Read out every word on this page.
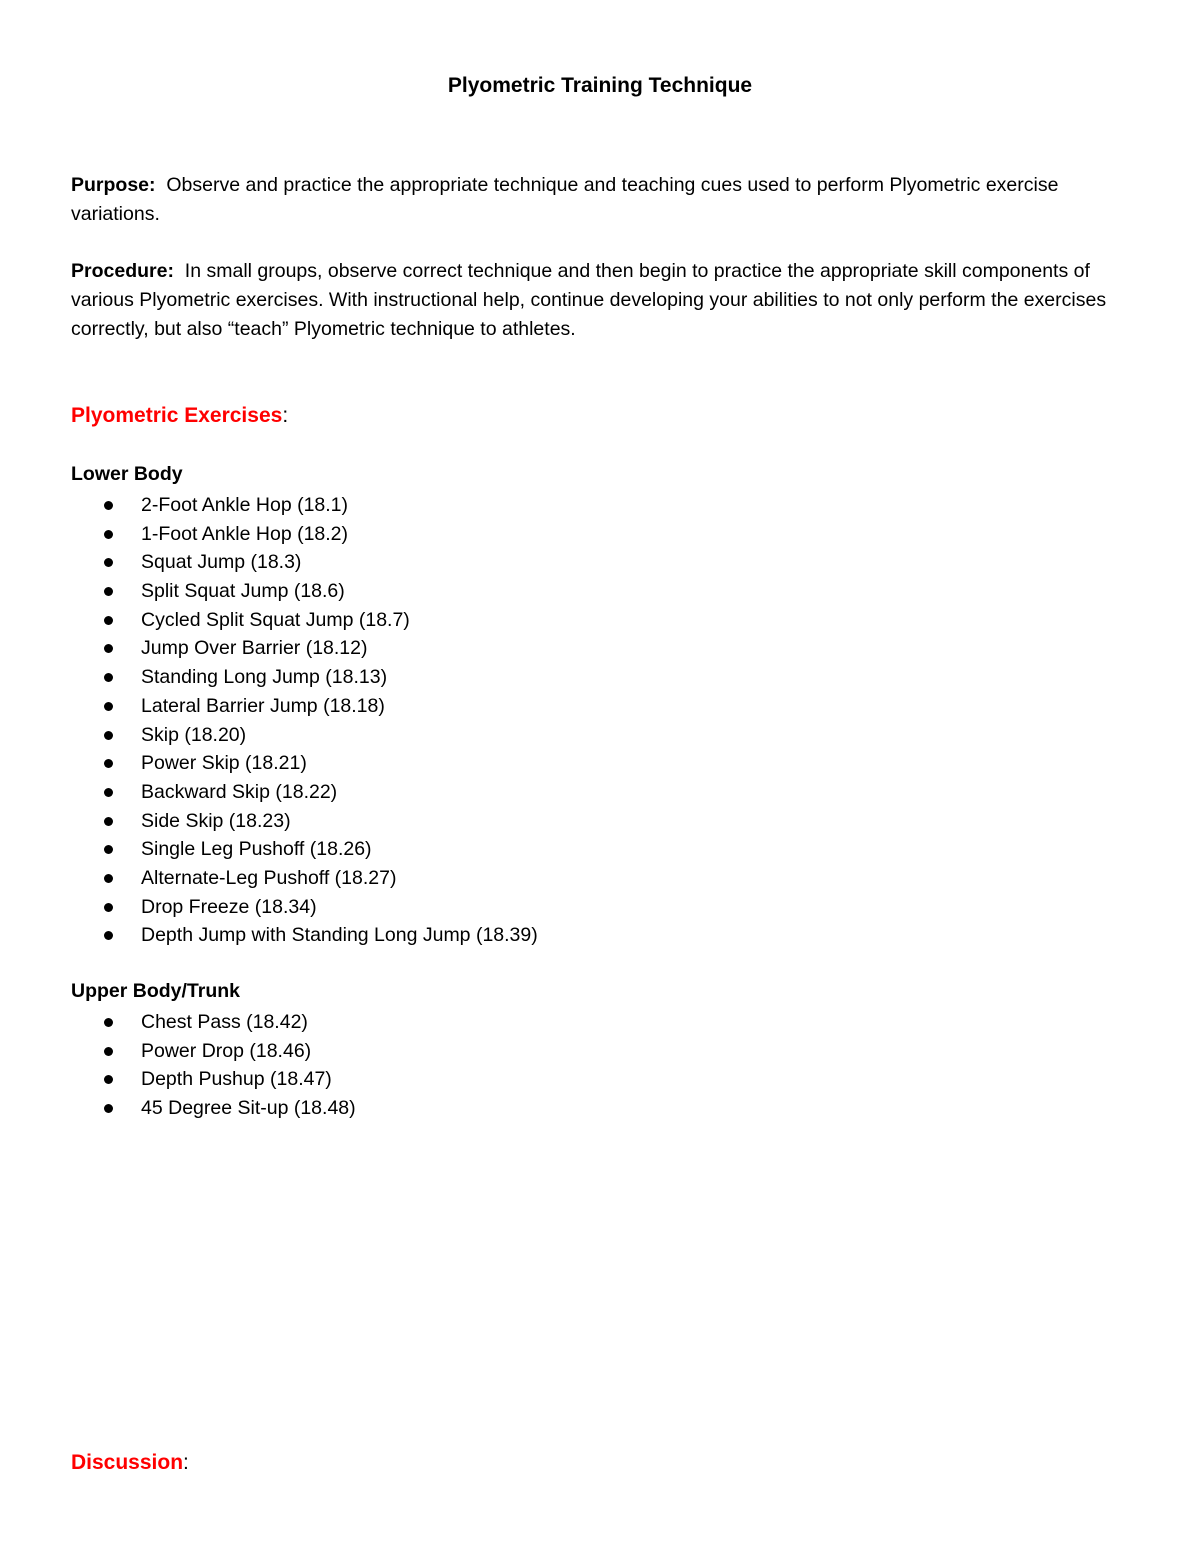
Plyometric Training Technique
Purpose: Observe and practice the appropriate technique and teaching cues used to perform Plyometric exercise variations.
Procedure: In small groups, observe correct technique and then begin to practice the appropriate skill components of various Plyometric exercises. With instructional help, continue developing your abilities to not only perform the exercises correctly, but also “teach” Plyometric technique to athletes.
Plyometric Exercises:
Lower Body
2-Foot Ankle Hop (18.1)
1-Foot Ankle Hop (18.2)
Squat Jump (18.3)
Split Squat Jump (18.6)
Cycled Split Squat Jump (18.7)
Jump Over Barrier (18.12)
Standing Long Jump (18.13)
Lateral Barrier Jump (18.18)
Skip (18.20)
Power Skip (18.21)
Backward Skip (18.22)
Side Skip (18.23)
Single Leg Pushoff (18.26)
Alternate-Leg Pushoff (18.27)
Drop Freeze (18.34)
Depth Jump with Standing Long Jump (18.39)
Upper Body/Trunk
Chest Pass (18.42)
Power Drop (18.46)
Depth Pushup (18.47)
45 Degree Sit-up (18.48)
Discussion:
